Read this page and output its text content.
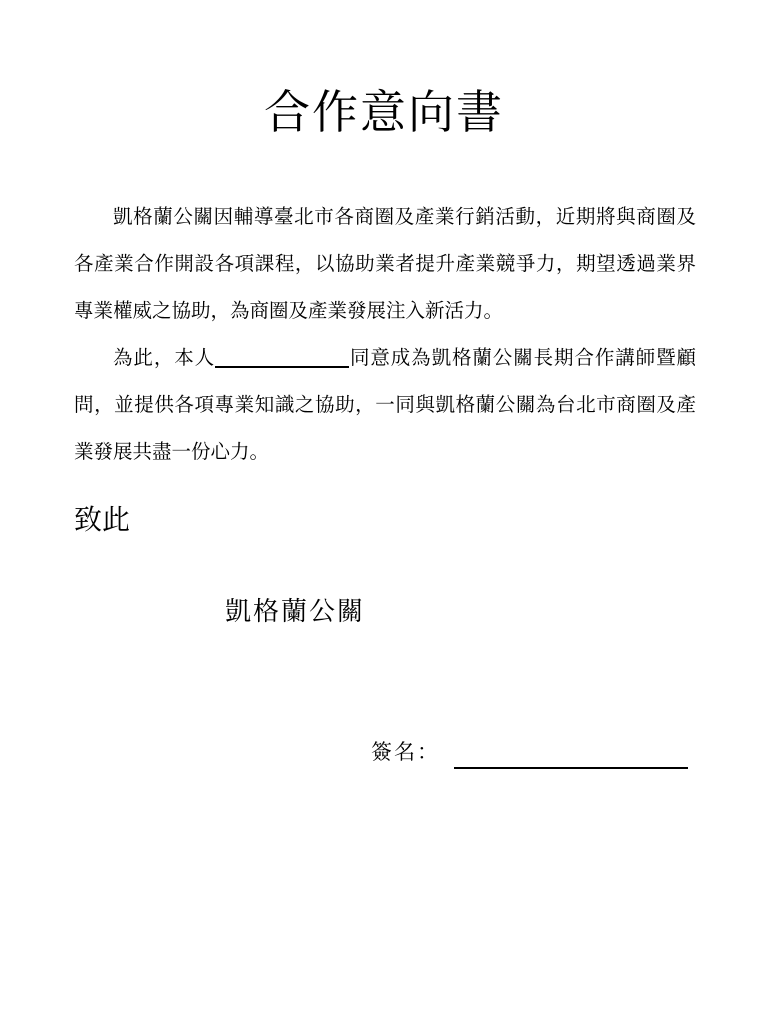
合作意向書

凱格蘭公關因輔導臺北市各商圈及產業行銷活動，近期將與商圈及各產業合作開設各項課程，以協助業者提升產業競爭力，期望透過業界專業權威之協助，為商圈及產業發展注入新活力。

為此，本人	同意成為凱格蘭公關長期合作講師暨顧問，並提供各項專業知識之協助，一同與凱格蘭公關為台北市商圈及產業發展共盡一份心力。

致此

凱格蘭公關

簽名：
